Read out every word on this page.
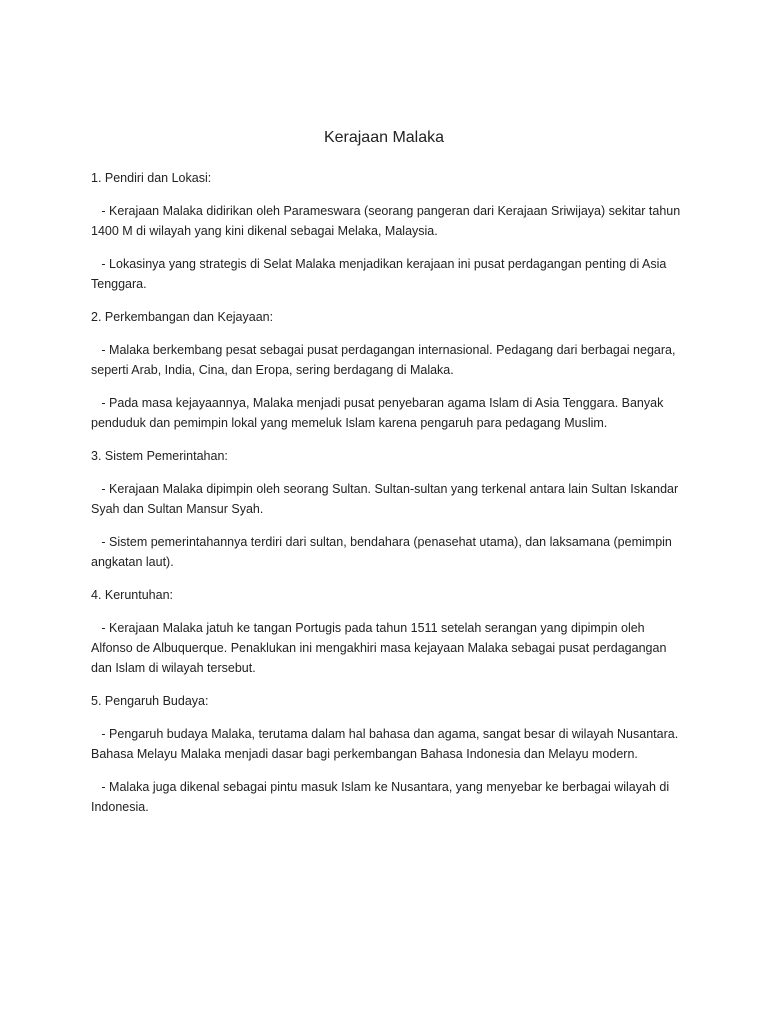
Kerajaan Malaka

1. Pendiri dan Lokasi:

- Kerajaan Malaka didirikan oleh Parameswara (seorang pangeran dari Kerajaan Sriwijaya) sekitar tahun 1400 M di wilayah yang kini dikenal sebagai Melaka, Malaysia.

- Lokasinya yang strategis di Selat Malaka menjadikan kerajaan ini pusat perdagangan penting di Asia Tenggara.

2. Perkembangan dan Kejayaan:

- Malaka berkembang pesat sebagai pusat perdagangan internasional. Pedagang dari berbagai negara, seperti Arab, India, Cina, dan Eropa, sering berdagang di Malaka.

- Pada masa kejayaannya, Malaka menjadi pusat penyebaran agama Islam di Asia Tenggara. Banyak penduduk dan pemimpin lokal yang memeluk Islam karena pengaruh para pedagang Muslim.

3. Sistem Pemerintahan:

- Kerajaan Malaka dipimpin oleh seorang Sultan. Sultan-sultan yang terkenal antara lain Sultan Iskandar Syah dan Sultan Mansur Syah.

- Sistem pemerintahannya terdiri dari sultan, bendahara (penasehat utama), dan laksamana (pemimpin angkatan laut).

4. Keruntuhan:

- Kerajaan Malaka jatuh ke tangan Portugis pada tahun 1511 setelah serangan yang dipimpin oleh Alfonso de Albuquerque. Penaklukan ini mengakhiri masa kejayaan Malaka sebagai pusat perdagangan dan Islam di wilayah tersebut.

5. Pengaruh Budaya:

- Pengaruh budaya Malaka, terutama dalam hal bahasa dan agama, sangat besar di wilayah Nusantara. Bahasa Melayu Malaka menjadi dasar bagi perkembangan Bahasa Indonesia dan Melayu modern.

- Malaka juga dikenal sebagai pintu masuk Islam ke Nusantara, yang menyebar ke berbagai wilayah di Indonesia.
